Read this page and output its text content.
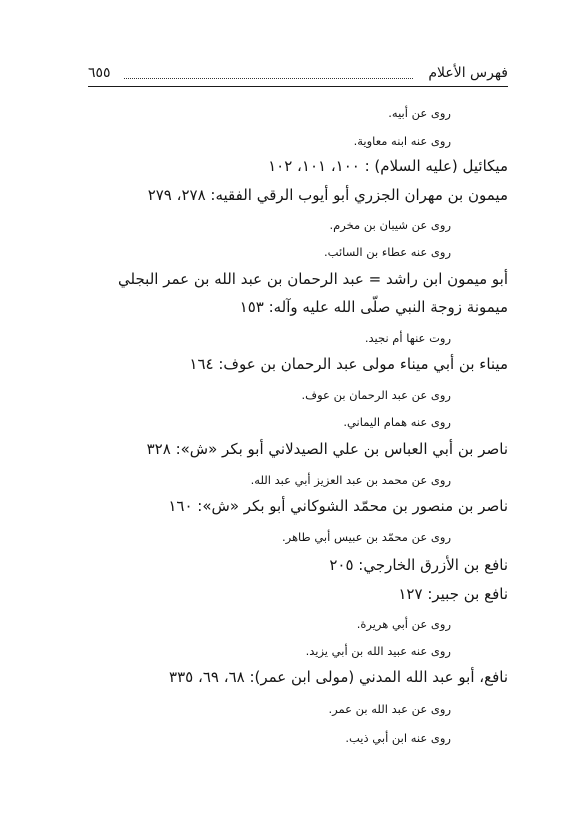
فهرس الأعلام
٦٥٥
روى عن أبيه.
روى عنه ابنه معاوية.
ميكائيل (عليه السلام) : ١٠٠، ١٠١، ١٠٢
ميمون بن مهران الجزري أبو أيوب الرقي الفقيه: ٢٧٨، ٢٧٩
روى عن شيبان بن مخرم.
روى عنه عطاء بن السائب.
أبو ميمون ابن راشد = عبد الرحمان بن عبد الله بن عمر البجلي
ميمونة زوجة النبي صلّى الله عليه وآله: ١٥٣
روت عنها أم نجيد.
ميناء بن أبي ميناء مولى عبد الرحمان بن عوف: ١٦٤
روى عن عبد الرحمان بن عوف.
روى عنه همام اليماني.
ناصر بن أبي العباس بن علي الصيدلاني أبو بكر «ش»: ٣٢٨
روى عن محمد بن عبد العزيز أبي عبد الله.
ناصر بن منصور بن محمّد الشوكاني أبو بكر «ش»: ١٦٠
روى عن محمّد بن عبيس أبي طاهر.
نافع بن الأزرق الخارجي: ٢٠٥
نافع بن جبير: ١٢٧
روى عن أبي هريرة.
روى عنه عبيد الله بن أبي يزيد.
نافع، أبو عبد الله المدني (مولى ابن عمر): ٦٨، ٦٩، ٣٣٥
روى عن عبد الله بن عمر.
روى عنه ابن أبي ذيب.
